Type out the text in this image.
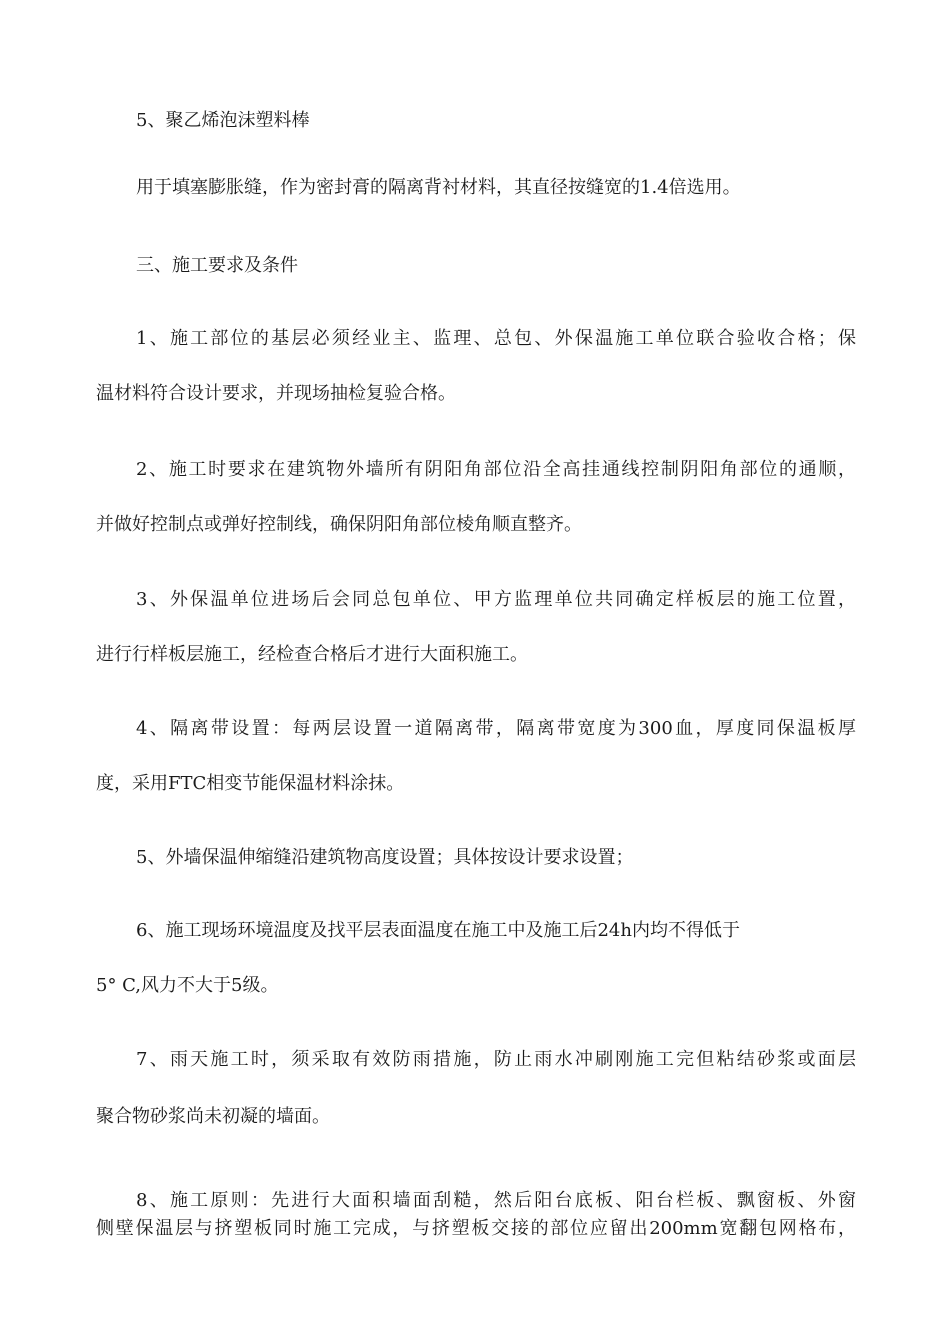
5、聚乙烯泡沫塑料棒
用于填塞膨胀缝，作为密封膏的隔离背衬材料，其直径按缝宽的1.4倍选用。
三、施工要求及条件
1、施工部位的基层必须经业主、监理、总包、外保温施工单位联合验收合格；保
温材料符合设计要求，并现场抽检复验合格。
2、施工时要求在建筑物外墙所有阴阳角部位沿全高挂通线控制阴阳角部位的通顺，
并做好控制点或弹好控制线，确保阴阳角部位棱角顺直整齐。
3、外保温单位进场后会同总包单位、甲方监理单位共同确定样板层的施工位置，
进行行样板层施工，经检查合格后才进行大面积施工。
4、隔离带设置：每两层设置一道隔离带，隔离带宽度为300血，厚度同保温板厚
度，采用FTC相变节能保温材料涂抹。
5、外墙保温伸缩缝沿建筑物高度设置；具体按设计要求设置；
6、施工现场环境温度及找平层表面温度在施工中及施工后24h内均不得低于
5° C,风力不大于5级。
7、雨天施工时，须采取有效防雨措施，防止雨水冲刷刚施工完但粘结砂浆或面层
聚合物砂浆尚未初凝的墙面。
8、施工原则：先进行大面积墙面刮糙，然后阳台底板、阳台栏板、飘窗板、外窗
侧壁保温层与挤塑板同时施工完成，与挤塑板交接的部位应留出200mm宽翻包网格布，
